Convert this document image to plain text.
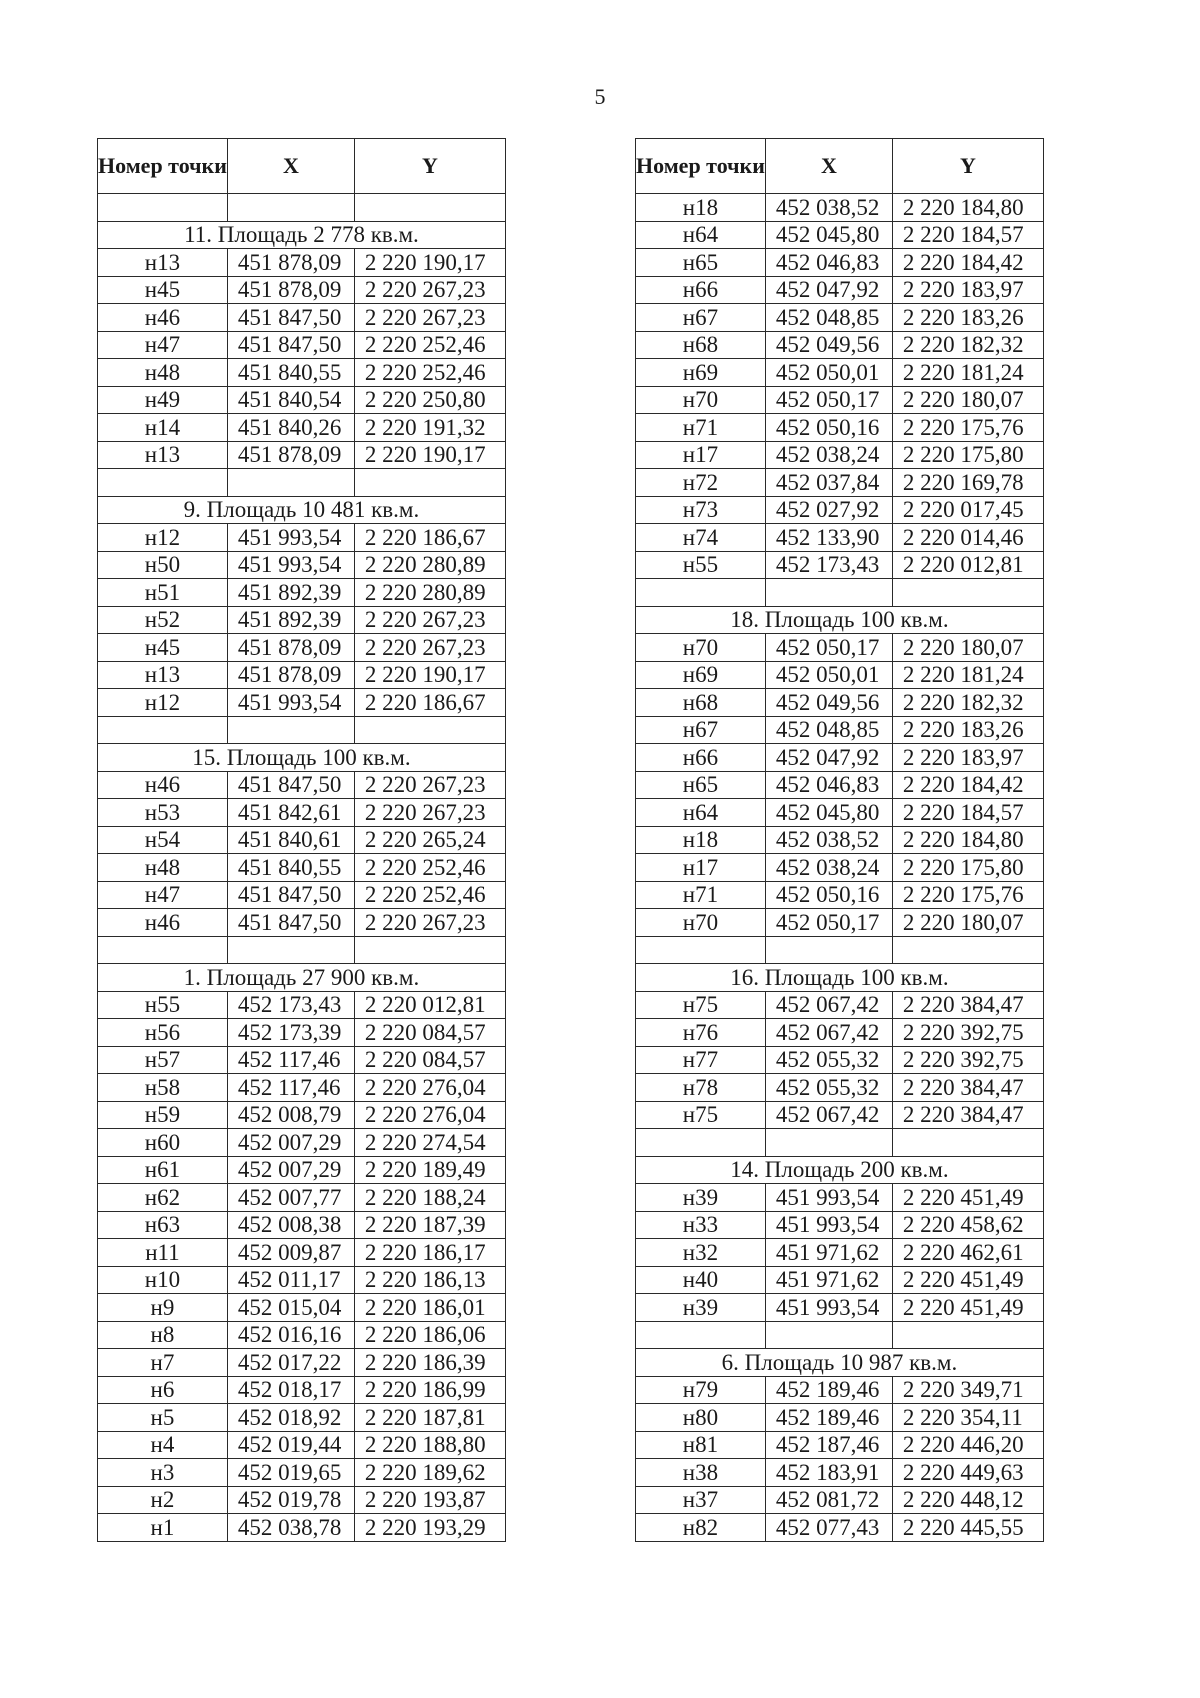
5
Номер точки	X	Y

11. Площадь 2 778 кв.м.		
н13	451 878,09	2 220 190,17
н45	451 878,09	2 220 267,23
н46	451 847,50	2 220 267,23
н47	451 847,50	2 220 252,46
н48	451 840,55	2 220 252,46
н49	451 840,54	2 220 250,80
н14	451 840,26	2 220 191,32
н13	451 878,09	2 220 190,17

9. Площадь 10 481 кв.м.		
н12	451 993,54	2 220 186,67
н50	451 993,54	2 220 280,89
н51	451 892,39	2 220 280,89
н52	451 892,39	2 220 267,23
н45	451 878,09	2 220 267,23
н13	451 878,09	2 220 190,17
н12	451 993,54	2 220 186,67

15. Площадь 100 кв.м.		
н46	451 847,50	2 220 267,23
н53	451 842,61	2 220 267,23
н54	451 840,61	2 220 265,24
н48	451 840,55	2 220 252,46
н47	451 847,50	2 220 252,46
н46	451 847,50	2 220 267,23

1. Площадь 27 900 кв.м.		
н55	452 173,43	2 220 012,81
н56	452 173,39	2 220 084,57
н57	452 117,46	2 220 084,57
н58	452 117,46	2 220 276,04
н59	452 008,79	2 220 276,04
н60	452 007,29	2 220 274,54
н61	452 007,29	2 220 189,49
н62	452 007,77	2 220 188,24
н63	452 008,38	2 220 187,39
н11	452 009,87	2 220 186,17
н10	452 011,17	2 220 186,13
н9	452 015,04	2 220 186,01
н8	452 016,16	2 220 186,06
н7	452 017,22	2 220 186,39
н6	452 018,17	2 220 186,99
н5	452 018,92	2 220 187,81
н4	452 019,44	2 220 188,80
н3	452 019,65	2 220 189,62
н2	452 019,78	2 220 193,87
н1	452 038,78	2 220 193,29
Номер точки	X	Y
н18	452 038,52	2 220 184,80
н64	452 045,80	2 220 184,57
н65	452 046,83	2 220 184,42
н66	452 047,92	2 220 183,97
н67	452 048,85	2 220 183,26
н68	452 049,56	2 220 182,32
н69	452 050,01	2 220 181,24
н70	452 050,17	2 220 180,07
н71	452 050,16	2 220 175,76
н17	452 038,24	2 220 175,80
н72	452 037,84	2 220 169,78
н73	452 027,92	2 220 017,45
н74	452 133,90	2 220 014,46
н55	452 173,43	2 220 012,81

18. Площадь 100 кв.м.		
н70	452 050,17	2 220 180,07
н69	452 050,01	2 220 181,24
н68	452 049,56	2 220 182,32
н67	452 048,85	2 220 183,26
н66	452 047,92	2 220 183,97
н65	452 046,83	2 220 184,42
н64	452 045,80	2 220 184,57
н18	452 038,52	2 220 184,80
н17	452 038,24	2 220 175,80
н71	452 050,16	2 220 175,76
н70	452 050,17	2 220 180,07

16. Площадь 100 кв.м.		
н75	452 067,42	2 220 384,47
н76	452 067,42	2 220 392,75
н77	452 055,32	2 220 392,75
н78	452 055,32	2 220 384,47
н75	452 067,42	2 220 384,47

14. Площадь 200 кв.м.		
н39	451 993,54	2 220 451,49
н33	451 993,54	2 220 458,62
н32	451 971,62	2 220 462,61
н40	451 971,62	2 220 451,49
н39	451 993,54	2 220 451,49

6. Площадь 10 987 кв.м.		
н79	452 189,46	2 220 349,71
н80	452 189,46	2 220 354,11
н81	452 187,46	2 220 446,20
н38	452 183,91	2 220 449,63
н37	452 081,72	2 220 448,12
н82	452 077,43	2 220 445,55
